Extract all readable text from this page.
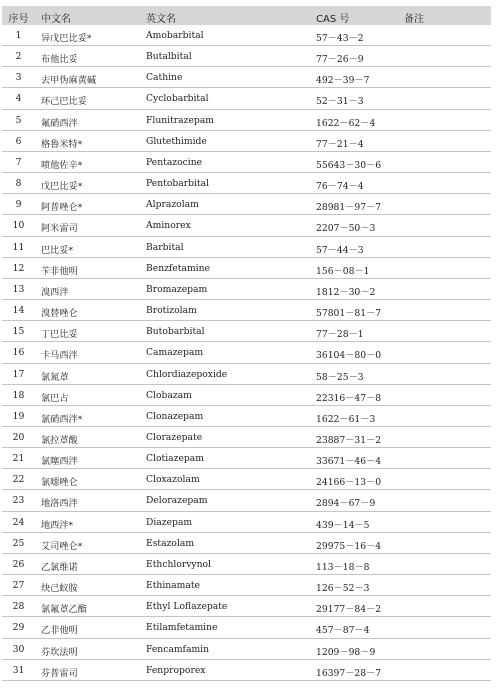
序号	中文名	英文名	CAS 号	备注
1	异戊巴比妥*	Amobarbital	57－43－2
2	布他比妥	Butalbital	77－26－9
3	去甲伪麻黄碱	Cathine	492－39－7
4	环己巴比妥	Cyclobarbital	52－31－3
5	氟硝西泮	Flunitrazepam	1622－62－4
6	格鲁米特*	Glutethimide	77－21－4
7	喷他佐辛*	Pentazocine	55643－30－6
8	戊巴比妥*	Pentobarbital	76－74－4
9	阿普唑仑*	Alprazolam	28981－97－7
10	阿米雷司	Aminorex	2207－50－3
11	巴比妥*	Barbital	57－44－3
12	苄非他明	Benzfetamine	156－08－1
13	溴西泮	Bromazepam	1812－30－2
14	溴替唑仑	Brotizolam	57801－81－7
15	丁巴比妥	Butobarbital	77－28－1
16	卡马西泮	Camazepam	36104－80－0
17	氯氮䓬	Chlordiazepoxide	58－25－3
18	氯巴占	Clobazam	22316－47－8
19	氯硝西泮*	Clonazepam	1622－61－3
20	氯拉䓬酸	Clorazepate	23887－31－2
21	氯噻西泮	Clotiazepam	33671－46－4
22	氯噁唑仑	Cloxazolam	24166－13－0
23	地洛西泮	Delorazepam	2894－67－9
24	地西泮*	Diazepam	439－14－5
25	艾司唑仑*	Estazolam	29975－16－4
26	乙氯维诺	Ethchlorvynol	113－18－8
27	炔己蚁胺	Ethinamate	126－52－3
28	氯氟䓬乙酯	Ethyl Loflazepate	29177－84－2
29	乙非他明	Etilamfetamine	457－87－4
30	芬坎法明	Fencamfamin	1209－98－9
31	芬普雷司	Fenproporex	16397－28－7
